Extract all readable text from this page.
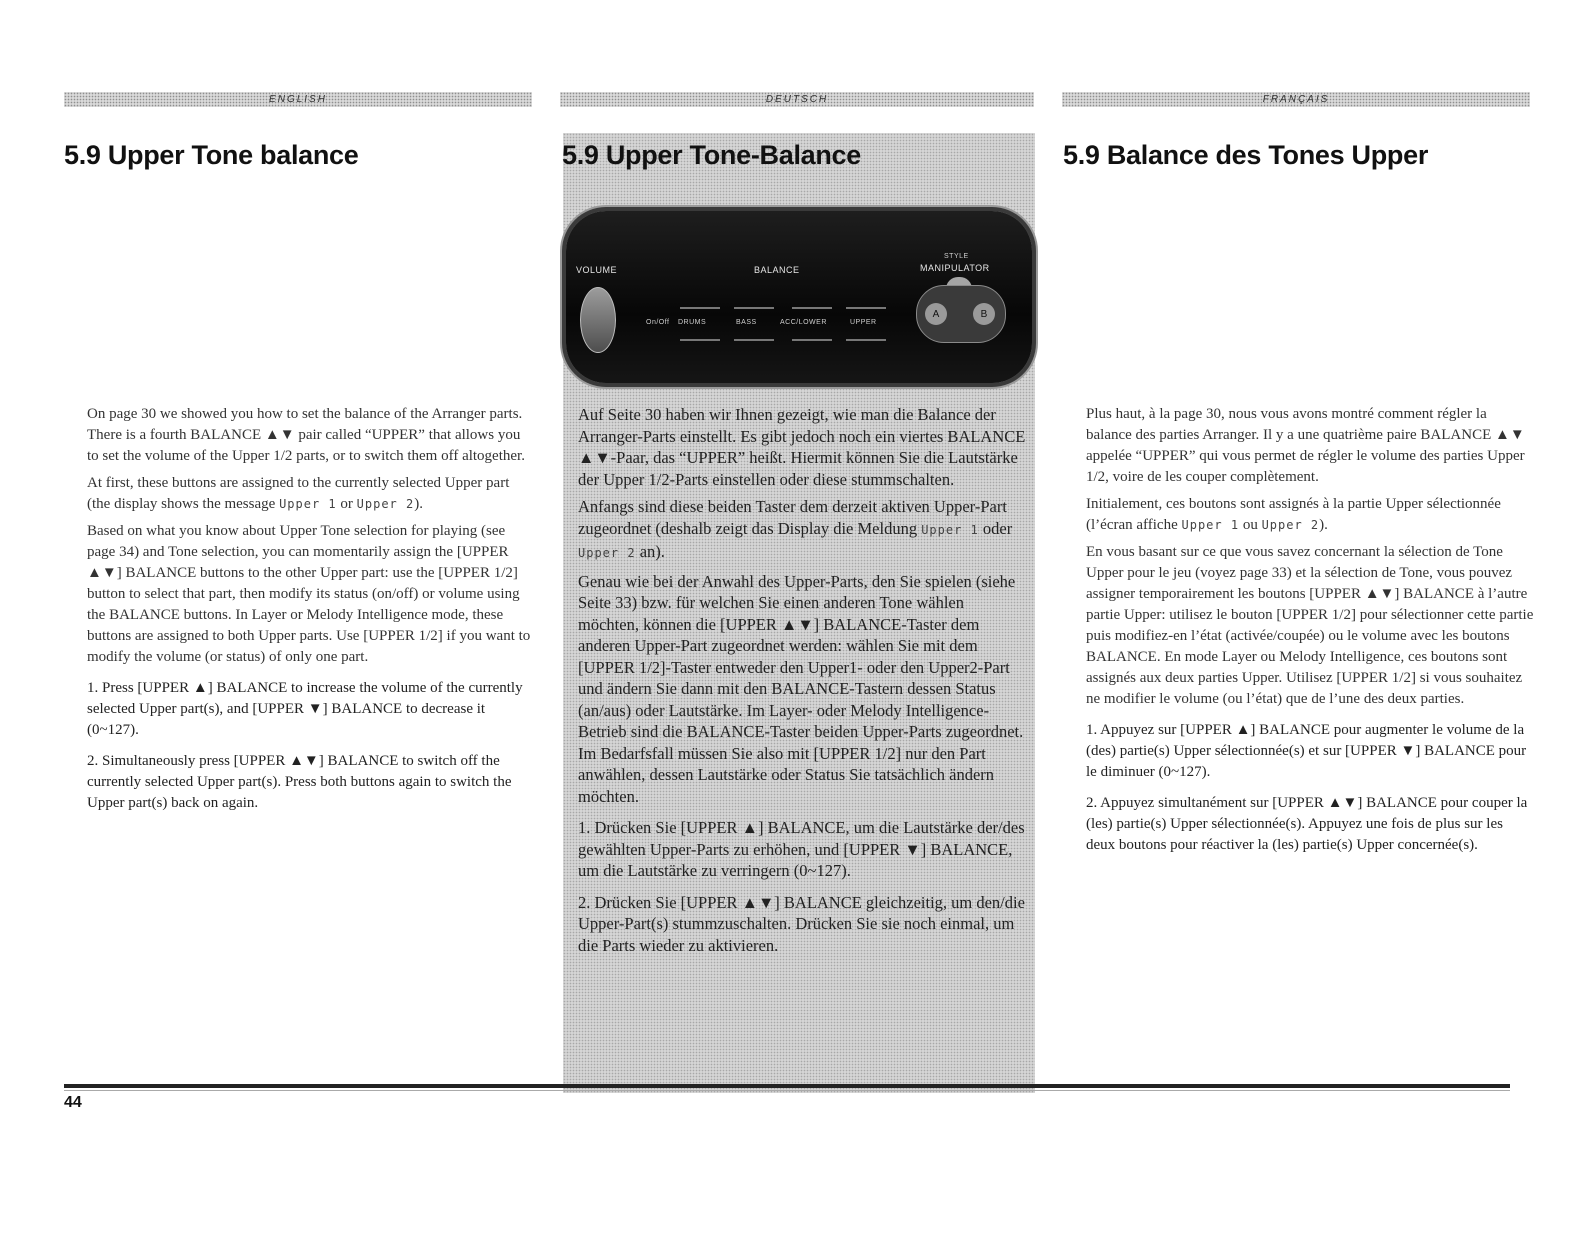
ENGLISH	DEUTSCH	FRANÇAIS
5.9 Upper Tone balance	5.9 Upper Tone-Balance	5.9 Balance des Tones Upper
VOLUME	BALANCE
STYLE
MANIPULATOR
On/Off DRUMS	BASS	ACC/LOWER	UPPER
A	B

On page 30 we showed you how to set the balance of the Arranger parts. There is a fourth BALANCE ▲▼ pair called “UPPER” that allows you to set the volume of the Upper 1/2 parts, or to switch them off altogether.

At first, these buttons are assigned to the currently selected Upper part (the display shows the message Upper 1 or Upper 2).

Based on what you know about Upper Tone selection for playing (see page 34) and Tone selection, you can momentarily assign the [UPPER ▲▼] BALANCE buttons to the other Upper part: use the [UPPER 1/2] button to select that part, then modify its status (on/off) or volume using the BALANCE buttons. In Layer or Melody Intelligence mode, these buttons are assigned to both Upper parts. Use [UPPER 1/2] if you want to modify the volume (or status) of only one part.

1. Press [UPPER ▲] BALANCE to increase the volume of the currently selected Upper part(s), and [UPPER ▼] BALANCE to decrease it (0~127).

2. Simultaneously press [UPPER ▲▼] BALANCE to switch off the currently selected Upper part(s). Press both buttons again to switch the Upper part(s) back on again.

Auf Seite 30 haben wir Ihnen gezeigt, wie man die Balance der Arranger-Parts einstellt. Es gibt jedoch noch ein viertes BALANCE ▲▼-Paar, das “UPPER” heißt. Hiermit können Sie die Lautstärke der Upper 1/2-Parts einstellen oder diese stummschalten.

Anfangs sind diese beiden Taster dem derzeit aktiven Upper-Part zugeordnet (deshalb zeigt das Display die Meldung Upper 1 oder Upper 2 an).

Genau wie bei der Anwahl des Upper-Parts, den Sie spielen (siehe Seite 33) bzw. für welchen Sie einen anderen Tone wählen möchten, können die [UPPER ▲▼] BALANCE-Taster dem anderen Upper-Part zugeordnet werden: wählen Sie mit dem [UPPER 1/2]-Taster entweder den Upper1- oder den Upper2-Part und ändern Sie dann mit den BALANCE-Tastern dessen Status (an/aus) oder Lautstärke. Im Layer- oder Melody Intelligence-Betrieb sind die BALANCE-Taster beiden Upper-Parts zugeordnet. Im Bedarfsfall müssen Sie also mit [UPPER 1/2] nur den Part anwählen, dessen Lautstärke oder Status Sie tatsächlich ändern möchten.

1. Drücken Sie [UPPER ▲] BALANCE, um die Lautstärke der/des gewählten Upper-Parts zu erhöhen, und [UPPER ▼] BALANCE, um die Lautstärke zu verringern (0~127).

2. Drücken Sie [UPPER ▲▼] BALANCE gleichzeitig, um den/die Upper-Part(s) stummzuschalten. Drücken Sie sie noch einmal, um die Parts wieder zu aktivieren.

Plus haut, à la page 30, nous vous avons montré comment régler la balance des parties Arranger. Il y a une quatrième paire BALANCE ▲▼ appelée “UPPER” qui vous permet de régler le volume des parties Upper 1/2, voire de les couper complètement.

Initialement, ces boutons sont assignés à la partie Upper sélectionnée (l’écran affiche Upper 1 ou Upper 2).

En vous basant sur ce que vous savez concernant la sélection de Tone Upper pour le jeu (voyez page 33) et la sélection de Tone, vous pouvez assigner temporairement les boutons [UPPER ▲▼] BALANCE à l’autre partie Upper: utilisez le bouton [UPPER 1/2] pour sélectionner cette partie puis modifiez-en l’état (activée/coupée) ou le volume avec les boutons BALANCE. En mode Layer ou Melody Intelligence, ces boutons sont assignés aux deux parties Upper. Utilisez [UPPER 1/2] si vous souhaitez ne modifier le volume (ou l’état) que de l’une des deux parties.

1. Appuyez sur [UPPER ▲] BALANCE pour augmenter le volume de la (des) partie(s) Upper sélectionnée(s) et sur [UPPER ▼] BALANCE pour le diminuer (0~127).

2. Appuyez simultanément sur [UPPER ▲▼] BALANCE pour couper la (les) partie(s) Upper sélectionnée(s). Appuyez une fois de plus sur les deux boutons pour réactiver la (les) partie(s) Upper concernée(s).

44
